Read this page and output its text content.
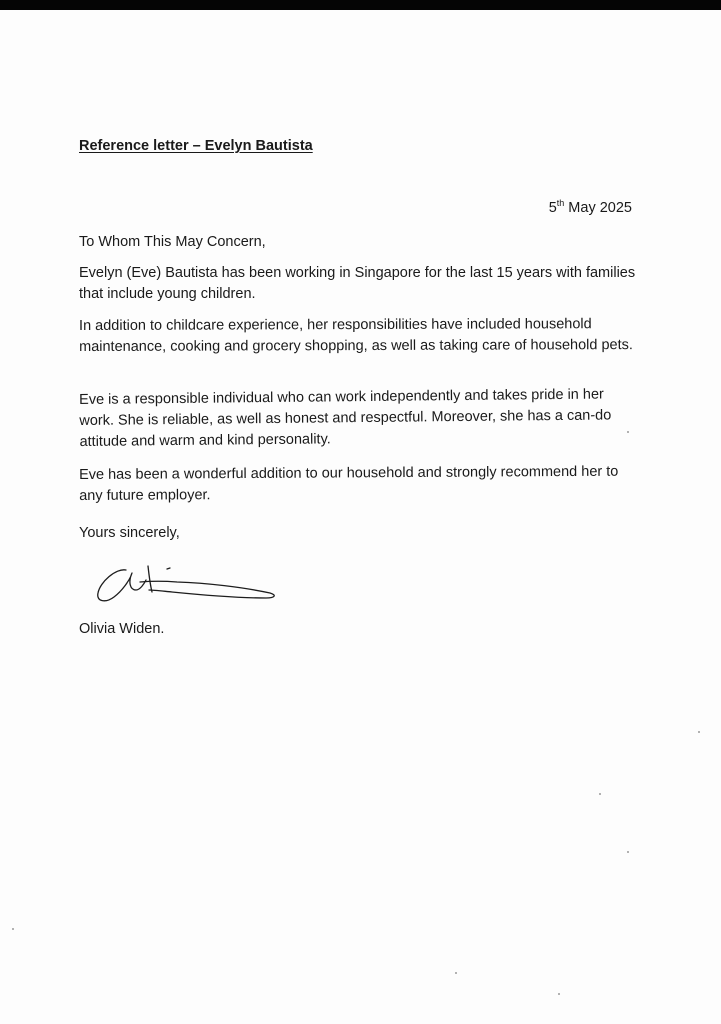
Reference letter – Evelyn Bautista
5th May 2025

To Whom This May Concern,

Evelyn (Eve) Bautista has been working in Singapore for the last 15 years with families that include young children.

In addition to childcare experience, her responsibilities have included household maintenance, cooking and grocery shopping, as well as taking care of household pets.

Eve is a responsible individual who can work independently and takes pride in her work. She is reliable, as well as honest and respectful. Moreover, she has a can-do attitude and warm and kind personality.

Eve has been a wonderful addition to our household and strongly recommend her to any future employer.

Yours sincerely,

Olivia Widen.
